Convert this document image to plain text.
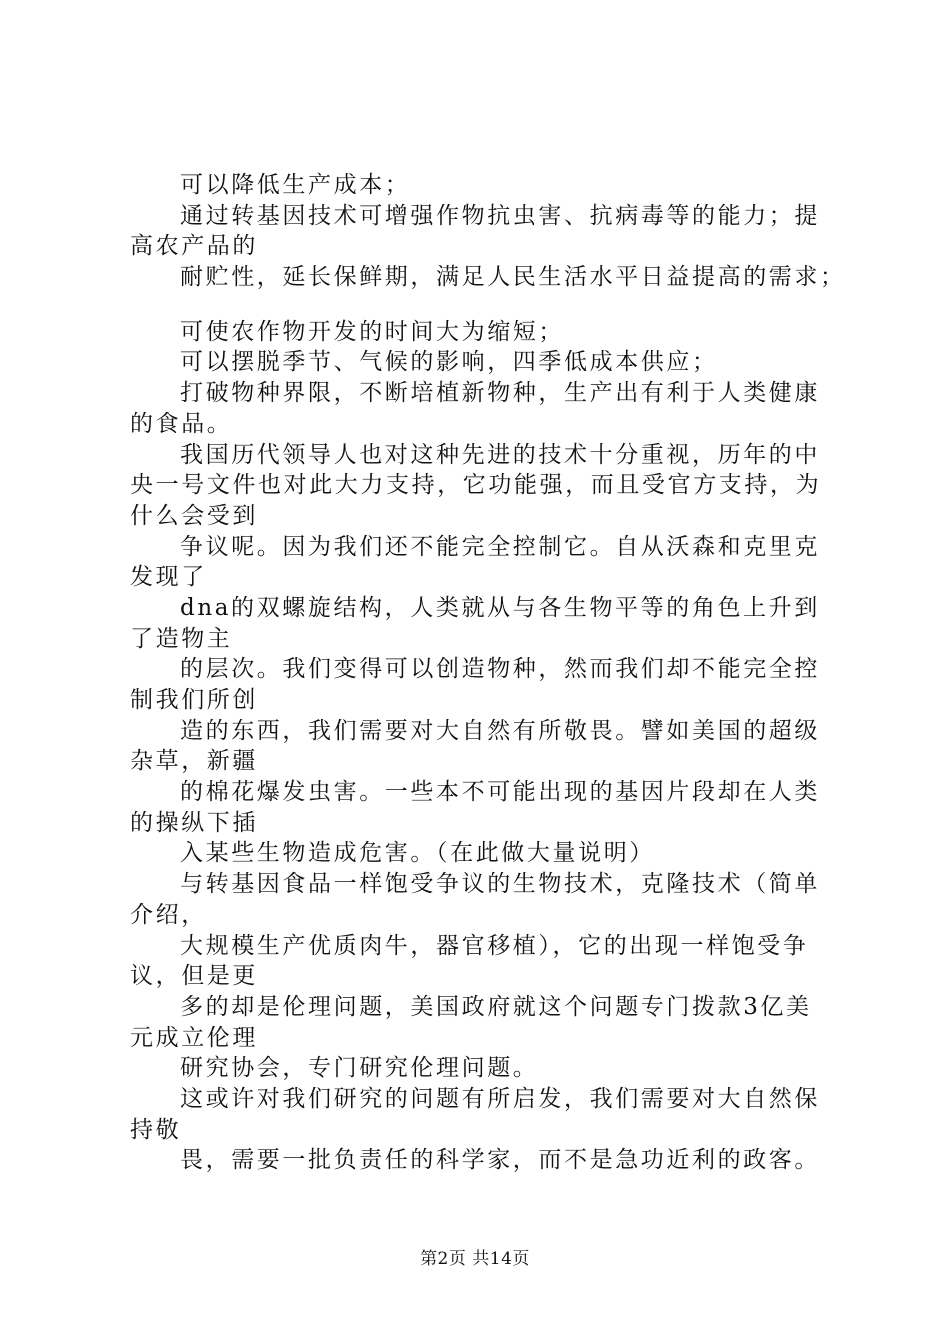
可以降低生产成本；
通过转基因技术可增强作物抗虫害、抗病毒等的能力；提
高农产品的
耐贮性，延长保鲜期，满足人民生活水平日益提高的需求；
可使农作物开发的时间大为缩短；
可以摆脱季节、气候的影响，四季低成本供应；
打破物种界限，不断培植新物种，生产出有利于人类健康
的食品。
我国历代领导人也对这种先进的技术十分重视，历年的中
央一号文件也对此大力支持，它功能强，而且受官方支持，为
什么会受到
争议呢。因为我们还不能完全控制它。自从沃森和克里克
发现了
dna的双螺旋结构，人类就从与各生物平等的角色上升到
了造物主
的层次。我们变得可以创造物种，然而我们却不能完全控
制我们所创
造的东西，我们需要对大自然有所敬畏。譬如美国的超级
杂草，新疆
的棉花爆发虫害。一些本不可能出现的基因片段却在人类
的操纵下插
入某些生物造成危害。（在此做大量说明）
与转基因食品一样饱受争议的生物技术，克隆技术（简单
介绍，
大规模生产优质肉牛，器官移植），它的出现一样饱受争
议，但是更
多的却是伦理问题，美国政府就这个问题专门拨款3亿美
元成立伦理
研究协会，专门研究伦理问题。
这或许对我们研究的问题有所启发，我们需要对大自然保
持敬
畏，需要一批负责任的科学家，而不是急功近利的政客。
第2页 共14页
